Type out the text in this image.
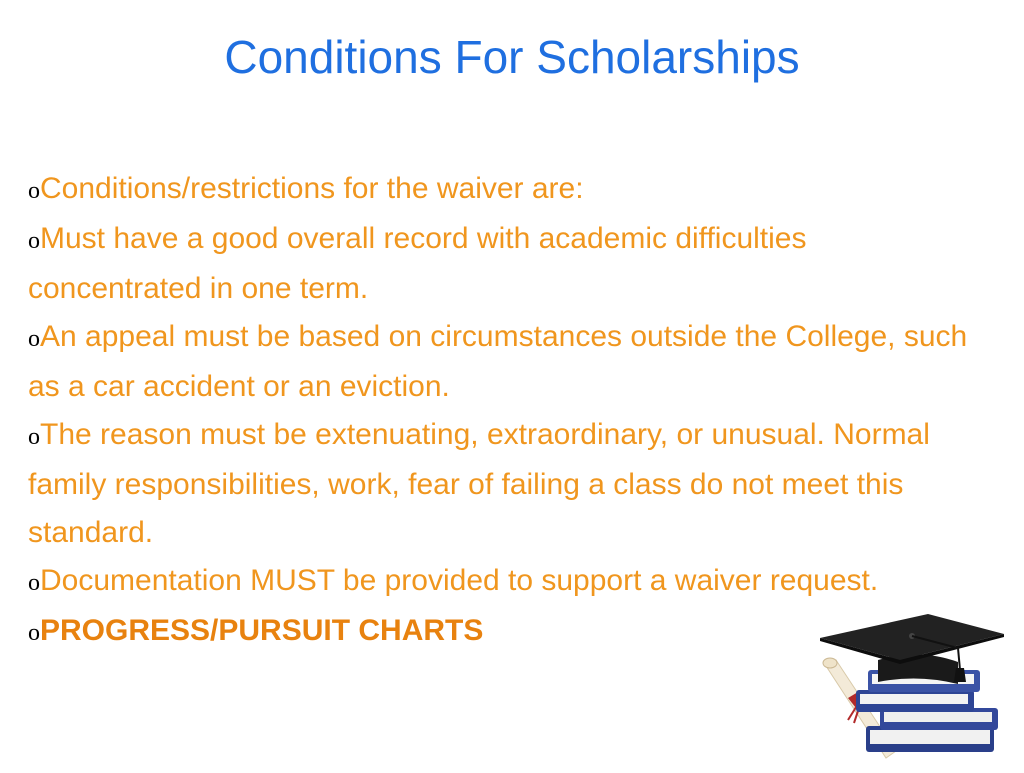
Conditions For Scholarships

oConditions/restrictions for the waiver are:

oMust have a good overall record with academic difficulties concentrated in one term.

oAn appeal must be based on circumstances outside the College, such as a car accident or an eviction.

oThe reason must be extenuating, extraordinary, or unusual. Normal family responsibilities, work, fear of failing a class do not meet this standard.

oDocumentation MUST be provided to support a waiver request.

oPROGRESS/PURSUIT CHARTS
